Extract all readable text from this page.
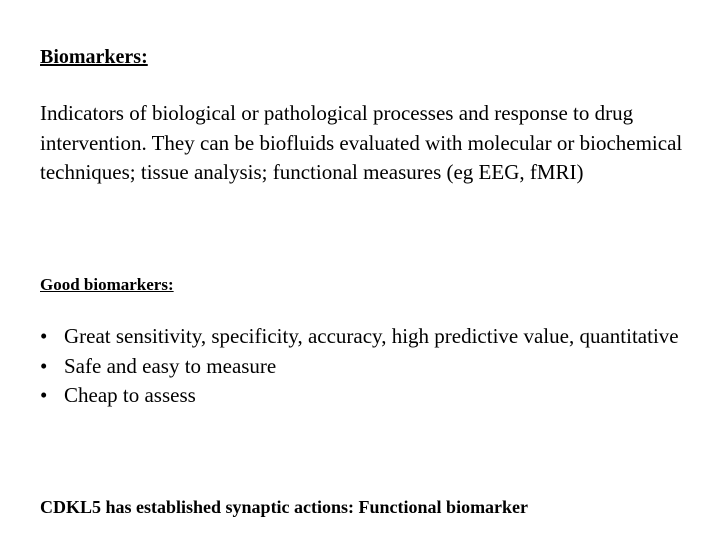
Biomarkers:

Indicators of biological or pathological processes and response to drug intervention. They can be biofluids evaluated with molecular or biochemical techniques; tissue analysis; functional measures (eg EEG, fMRI)

Good biomarkers:
• Great sensitivity, specificity, accuracy, high predictive value, quantitative
• Safe and easy to measure
• Cheap to assess
CDKL5 has established synaptic actions: Functional biomarker
